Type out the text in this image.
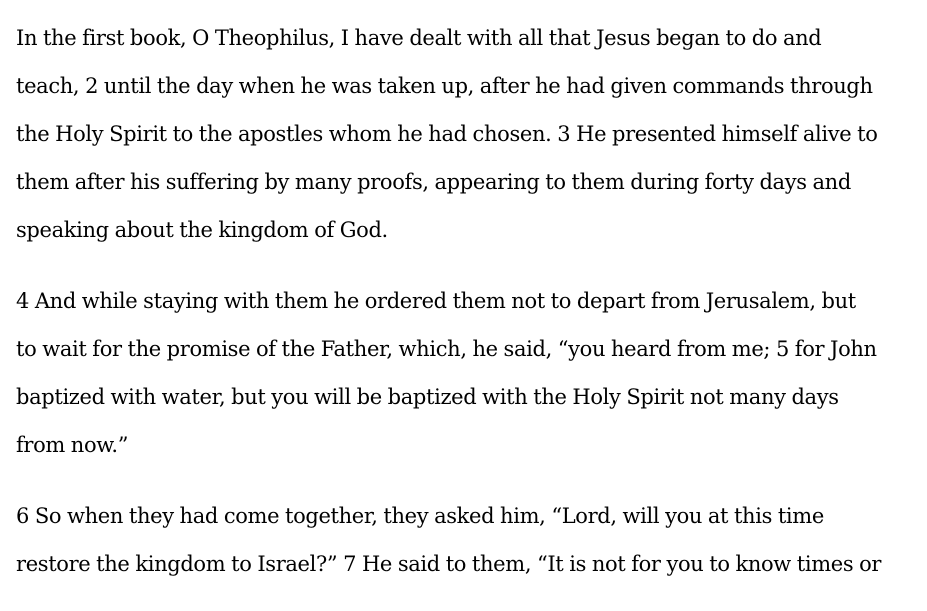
In the first book, O Theophilus, I have dealt with all that Jesus began to do and
teach, 2 until the day when he was taken up, after he had given commands through
the Holy Spirit to the apostles whom he had chosen. 3 He presented himself alive to
them after his suffering by many proofs, appearing to them during forty days and
speaking about the kingdom of God.

4 And while staying with them he ordered them not to depart from Jerusalem, but
to wait for the promise of the Father, which, he said, “you heard from me; 5 for John
baptized with water, but you will be baptized with the Holy Spirit not many days
from now.”

6 So when they had come together, they asked him, “Lord, will you at this time
restore the kingdom to Israel?” 7 He said to them, “It is not for you to know times or
